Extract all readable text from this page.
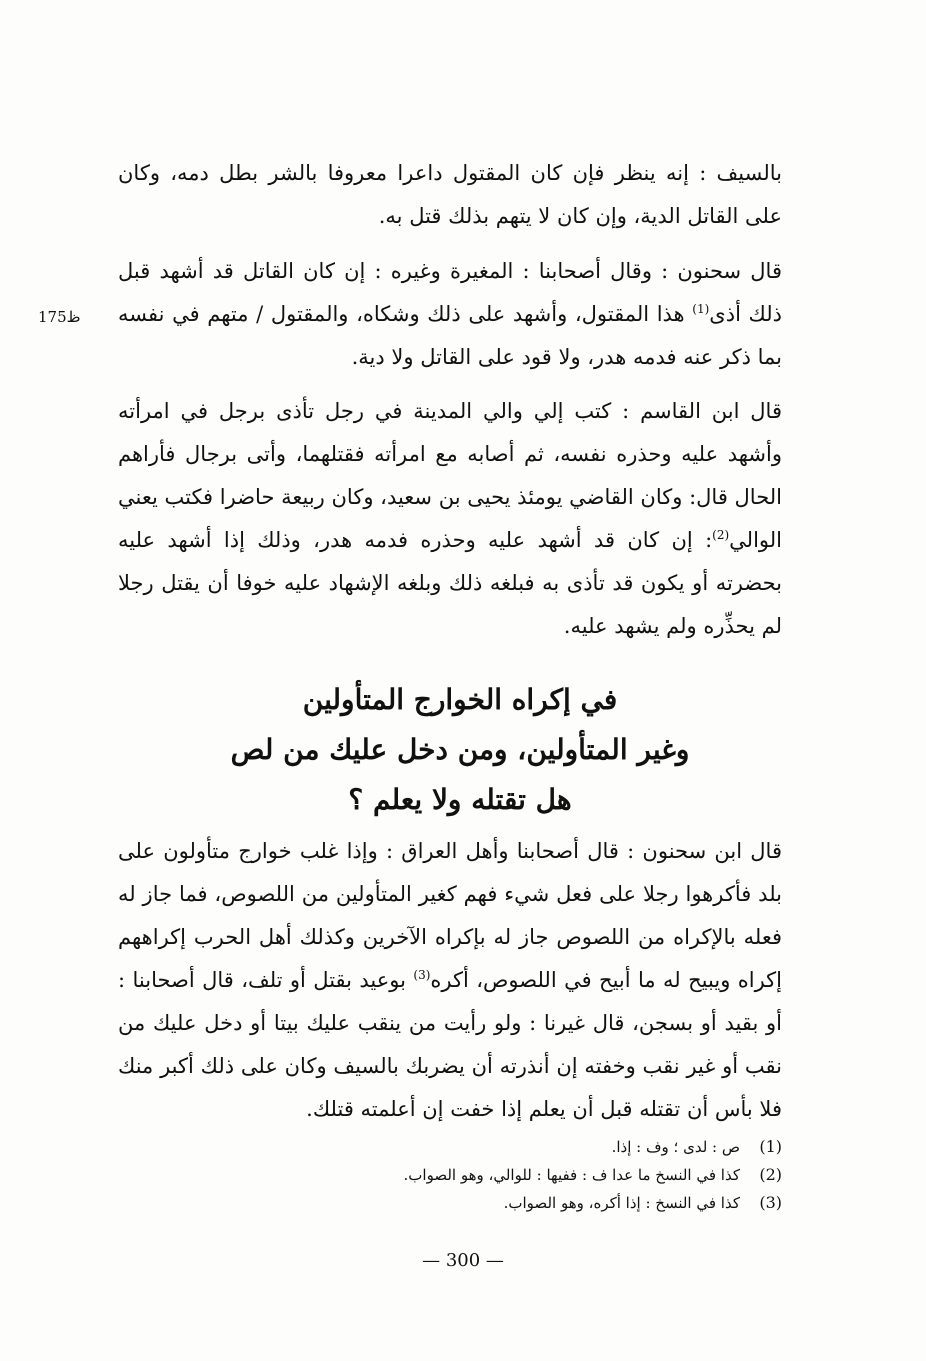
175ظ

بالسيف : إنه ينظر فإن كان المقتول داعرا معروفا بالشر بطل دمه، وكان على القاتل الدية، وإن كان لا يتهم بذلك قتل به.

قال سحنون : وقال أصحابنا : المغيرة وغيره : إن كان القاتل قد أشهد قبل ذلك أذى$^{(1)}$ هذا المقتول، وأشهد على ذلك وشكاه، والمقتول / متهم في نفسه بما ذكر عنه فدمه هدر، ولا قود على القاتل ولا دية.

قال ابن القاسم : كتب إلي والي المدينة في رجل تأذى برجل في امرأته وأشهد عليه وحذره نفسه، ثم أصابه مع امرأته فقتلهما، وأتى برجال فأراهم الحال قال: وكان القاضي يومئذ يحيى بن سعيد، وكان ربيعة حاضرا فكتب يعني الوالي$^{(2)}$: إن كان قد أشهد عليه وحذره فدمه هدر، وذلك إذا أشهد عليه بحضرته أو يكون قد تأذى به فبلغه ذلك وبلغه الإشهاد عليه خوفا أن يقتل رجلا لم يحذِّره ولم يشهد عليه.

في إكراه الخوارج المتأولين
وغير المتأولين، ومن دخل عليك من لص
هل تقتله ولا يعلم ؟

قال ابن سحنون : قال أصحابنا وأهل العراق : وإذا غلب خوارج متأولون على بلد فأكرهوا رجلا على فعل شيء فهم كغير المتأولين من اللصوص، فما جاز له فعله بالإكراه من اللصوص جاز له بإكراه الآخرين وكذلك أهل الحرب إكراههم إكراه ويبيح له ما أبيح في اللصوص، أكره$^{(3)}$ بوعيد بقتل أو تلف، قال أصحابنا : أو بقيد أو بسجن، قال غيرنا : ولو رأيت من ينقب عليك بيتا أو دخل عليك من نقب أو غير نقب وخفته إن أنذرته أن يضربك بالسيف وكان على ذلك أكبر منك فلا بأس أن تقتله قبل أن يعلم إذا خفت إن أعلمته قتلك.

(1)
ص : لدى ؛ وف : إذا.
(2)
كذا في النسخ ما عدا ف : ففيها : للوالي، وهو الصواب.
(3)
كذا في النسخ : إذا أكره، وهو الصواب.
— 300 —
